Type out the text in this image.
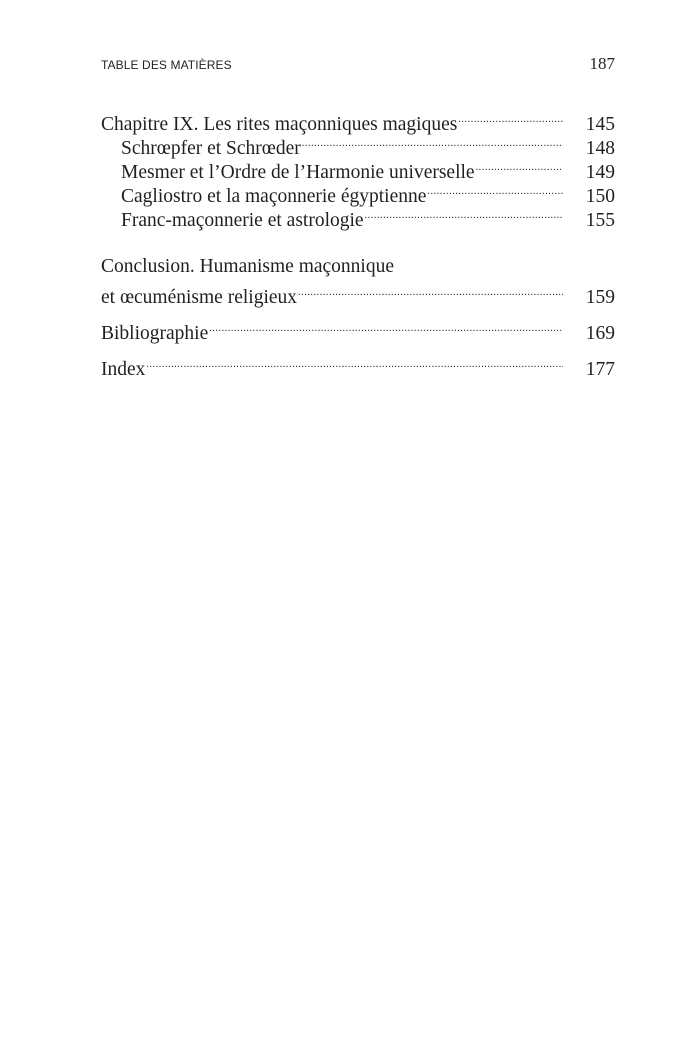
TABLE DES MATIÈRES	187
Chapitre IX. Les rites maçonniques magiques .....	145
Schrœpfer et Schrœder .....	148
Mesmer et l’Ordre de l’Harmonie universelle .....	149
Cagliostro et la maçonnerie égyptienne .....	150
Franc-maçonnerie et astrologie .....	155
Conclusion. Humanisme maçonnique
et œcuménisme religieux .....	159
Bibliographie .....	169
Index .....	177
